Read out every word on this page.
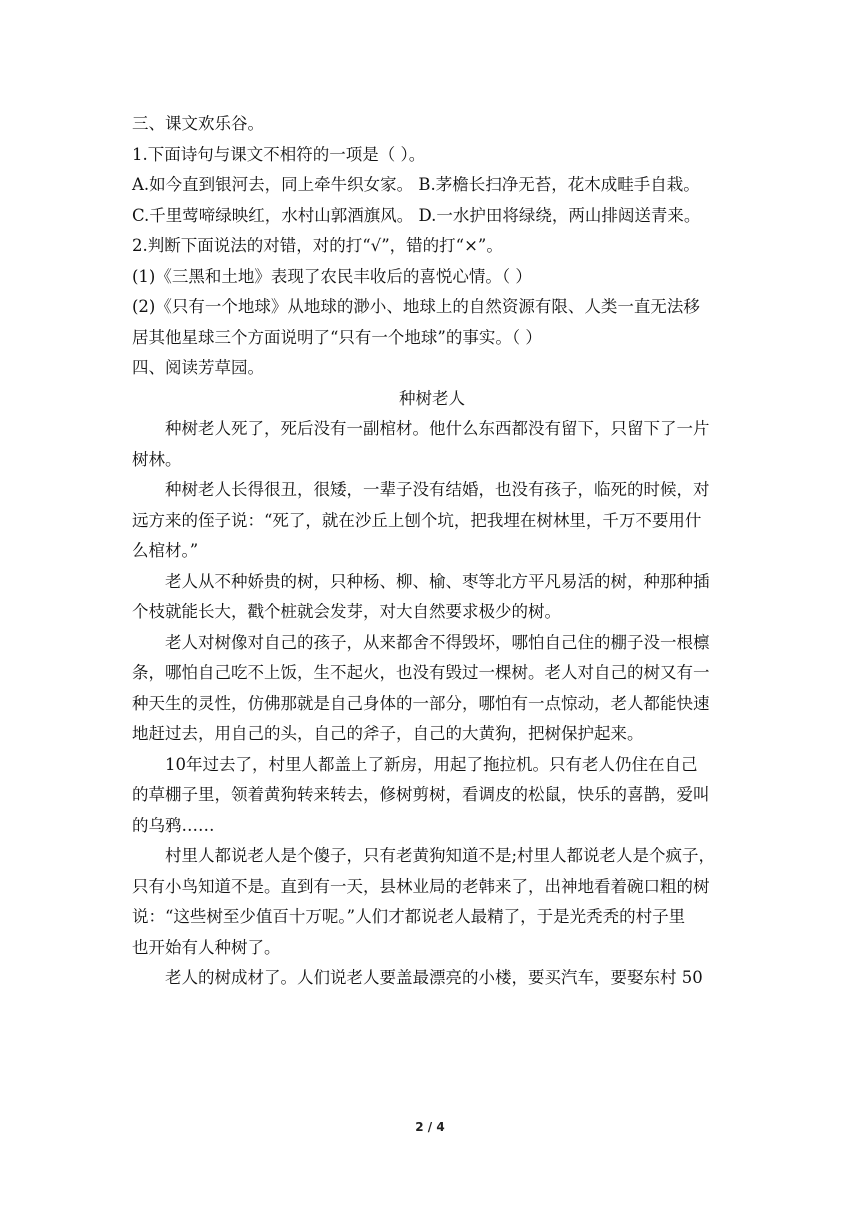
三、课文欢乐谷。
1.下面诗句与课文不相符的一项是（ ）。
A.如今直到银河去，同上牵牛织女家。 B.茅檐长扫净无苔，花木成畦手自栽。
C.千里莺啼绿映红，水村山郭酒旗风。 D.一水护田将绿绕，两山排闼送青来。
2.判断下面说法的对错，对的打“√”，错的打“×”。
(1)《三黑和土地》表现了农民丰收后的喜悦心情。（ ）
(2)《只有一个地球》从地球的渺小、地球上的自然资源有限、人类一直无法移
居其他星球三个方面说明了“只有一个地球”的事实。（ ）
四、阅读芳草园。
种树老人
　　种树老人死了，死后没有一副棺材。他什么东西都没有留下，只留下了一片
树林。
　　种树老人长得很丑，很矮，一辈子没有结婚，也没有孩子，临死的时候，对
远方来的侄子说：“死了，就在沙丘上刨个坑，把我埋在树林里，千万不要用什
么棺材。”
　　老人从不种娇贵的树，只种杨、柳、榆、枣等北方平凡易活的树，种那种插
个枝就能长大，戳个桩就会发芽，对大自然要求极少的树。
　　老人对树像对自己的孩子，从来都舍不得毁坏，哪怕自己住的棚子没一根檩
条，哪怕自己吃不上饭，生不起火，也没有毁过一棵树。老人对自己的树又有一
种天生的灵性，仿佛那就是自己身体的一部分，哪怕有一点惊动，老人都能快速
地赶过去，用自己的头，自己的斧子，自己的大黄狗，把树保护起来。
　　10年过去了，村里人都盖上了新房，用起了拖拉机。只有老人仍住在自己
的草棚子里，领着黄狗转来转去，修树剪树，看调皮的松鼠，快乐的喜鹊，爱叫
的乌鸦……
　　村里人都说老人是个傻子，只有老黄狗知道不是;村里人都说老人是个疯子，
只有小鸟知道不是。直到有一天，县林业局的老韩来了，出神地看着碗口粗的树
说：“这些树至少值百十万呢。”人们才都说老人最精了，于是光秃秃的村子里
也开始有人种树了。
　　老人的树成材了。人们说老人要盖最漂亮的小楼，要买汽车，要娶东村 50
2 / 4
